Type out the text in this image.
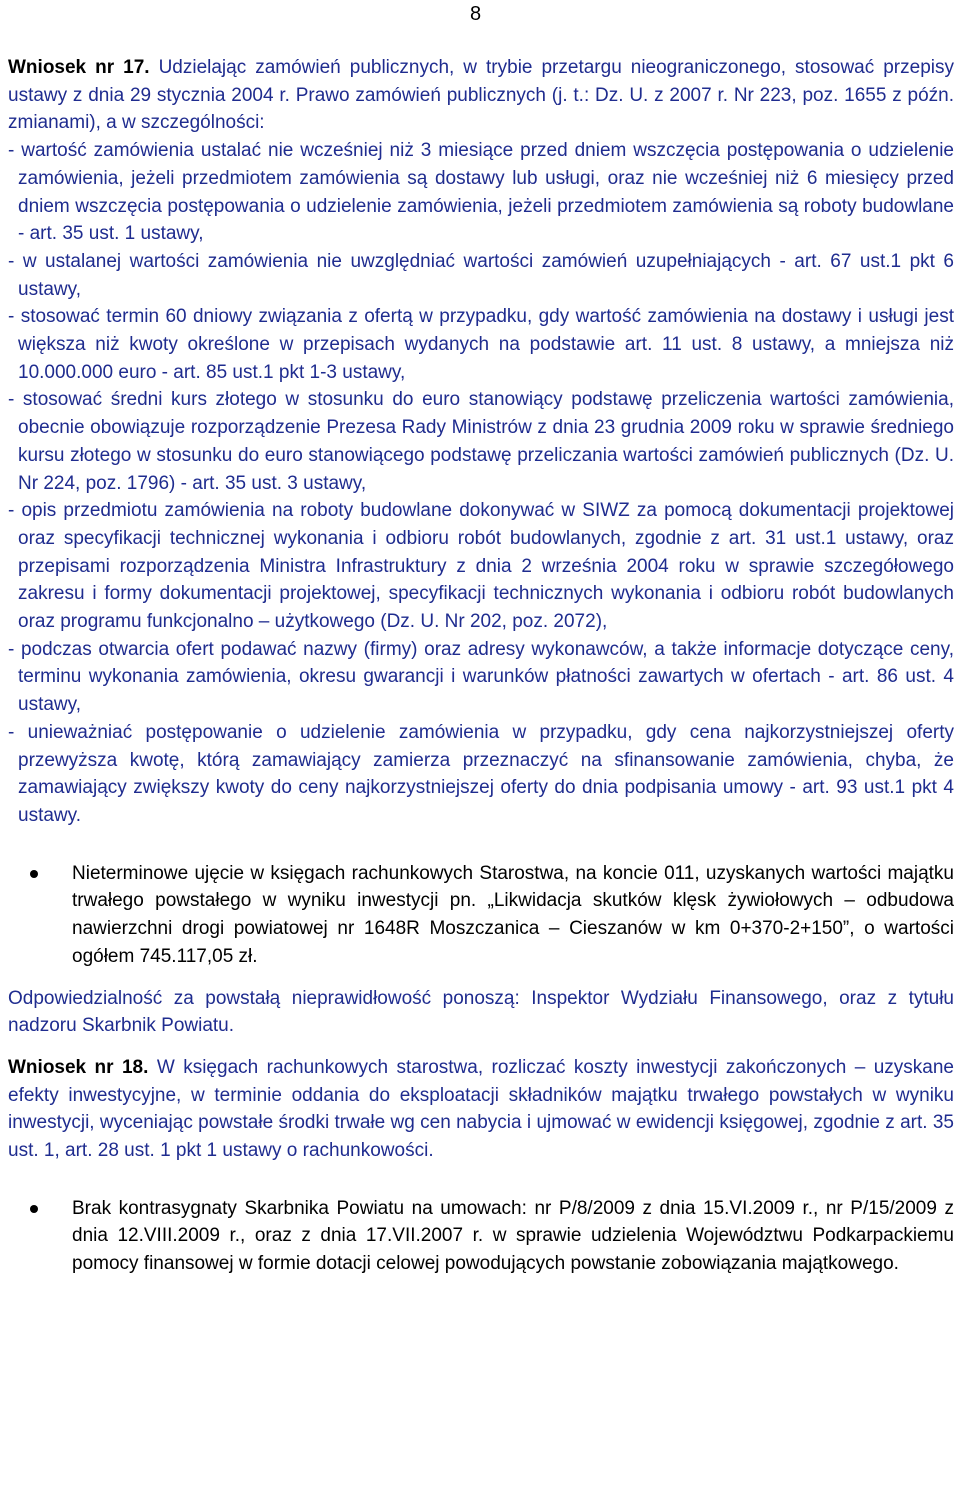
8

Wniosek nr 17. Udzielając zamówień publicznych, w trybie przetargu nieograniczonego, stosować przepisy ustawy z dnia 29 stycznia 2004 r. Prawo zamówień publicznych (j. t.: Dz. U. z 2007 r. Nr 223, poz. 1655 z późn. zmianami), a w szczególności:

- wartość zamówienia ustalać nie wcześniej niż 3 miesiące przed dniem wszczęcia postępowania o udzielenie zamówienia, jeżeli przedmiotem zamówienia są dostawy lub usługi, oraz nie wcześniej niż 6 miesięcy przed dniem wszczęcia postępowania o udzielenie zamówienia, jeżeli przedmiotem zamówienia są roboty budowlane - art. 35 ust. 1 ustawy,

- w ustalanej wartości zamówienia nie uwzględniać wartości zamówień uzupełniających - art. 67 ust.1 pkt 6 ustawy,

- stosować termin 60 dniowy związania z ofertą w przypadku, gdy wartość zamówienia na dostawy i usługi jest większa niż kwoty określone w przepisach wydanych na podstawie art. 11 ust. 8 ustawy, a mniejsza niż 10.000.000 euro - art. 85 ust.1 pkt 1-3 ustawy,

- stosować średni kurs złotego w stosunku do euro stanowiący podstawę przeliczenia wartości zamówienia, obecnie obowiązuje rozporządzenie Prezesa Rady Ministrów z dnia 23 grudnia 2009 roku w sprawie średniego kursu złotego w stosunku do euro stanowiącego podstawę przeliczania wartości zamówień publicznych (Dz. U. Nr 224, poz. 1796) - art. 35 ust. 3 ustawy,

- opis przedmiotu zamówienia na roboty budowlane dokonywać w SIWZ za pomocą dokumentacji projektowej oraz specyfikacji technicznej wykonania i odbioru robót budowlanych, zgodnie z art. 31 ust.1 ustawy, oraz przepisami rozporządzenia Ministra Infrastruktury z dnia 2 września 2004 roku w sprawie szczegółowego zakresu i formy dokumentacji projektowej, specyfikacji technicznych wykonania i odbioru robót budowlanych oraz programu funkcjonalno – użytkowego (Dz. U. Nr 202, poz. 2072),

- podczas otwarcia ofert podawać nazwy (firmy) oraz adresy wykonawców, a także informacje dotyczące ceny, terminu wykonania zamówienia, okresu gwarancji i warunków płatności zawartych w ofertach - art. 86 ust. 4 ustawy,

- unieważniać postępowanie o udzielenie zamówienia w przypadku, gdy cena najkorzystniejszej oferty przewyższa kwotę, którą zamawiający zamierza przeznaczyć na sfinansowanie zamówienia, chyba, że zamawiający zwiększy kwoty do ceny najkorzystniejszej oferty do dnia podpisania umowy - art. 93 ust.1 pkt 4 ustawy.

Nieterminowe ujęcie w księgach rachunkowych Starostwa, na koncie 011, uzyskanych wartości majątku trwałego powstałego w wyniku inwestycji pn. „Likwidacja skutków klęsk żywiołowych – odbudowa nawierzchni drogi powiatowej nr 1648R Moszczanica – Cieszanów w km 0+370-2+150”, o wartości ogółem 745.117,05 zł.

Odpowiedzialność za powstałą nieprawidłowość ponoszą: Inspektor Wydziału Finansowego, oraz z tytułu nadzoru Skarbnik Powiatu.

Wniosek nr 18. W księgach rachunkowych starostwa, rozliczać koszty inwestycji zakończonych – uzyskane efekty inwestycyjne, w terminie oddania do eksploatacji składników majątku trwałego powstałych w wyniku inwestycji, wyceniając powstałe środki trwałe wg cen nabycia i ujmować w ewidencji księgowej, zgodnie z art. 35 ust. 1, art. 28 ust. 1 pkt 1 ustawy o rachunkowości.

Brak kontrasygnaty Skarbnika Powiatu na umowach: nr P/8/2009 z dnia 15.VI.2009 r., nr P/15/2009 z dnia 12.VIII.2009 r., oraz z dnia 17.VII.2007 r. w sprawie udzielenia Województwu Podkarpackiemu pomocy finansowej w formie dotacji celowej powodujących powstanie zobowiązania majątkowego.
